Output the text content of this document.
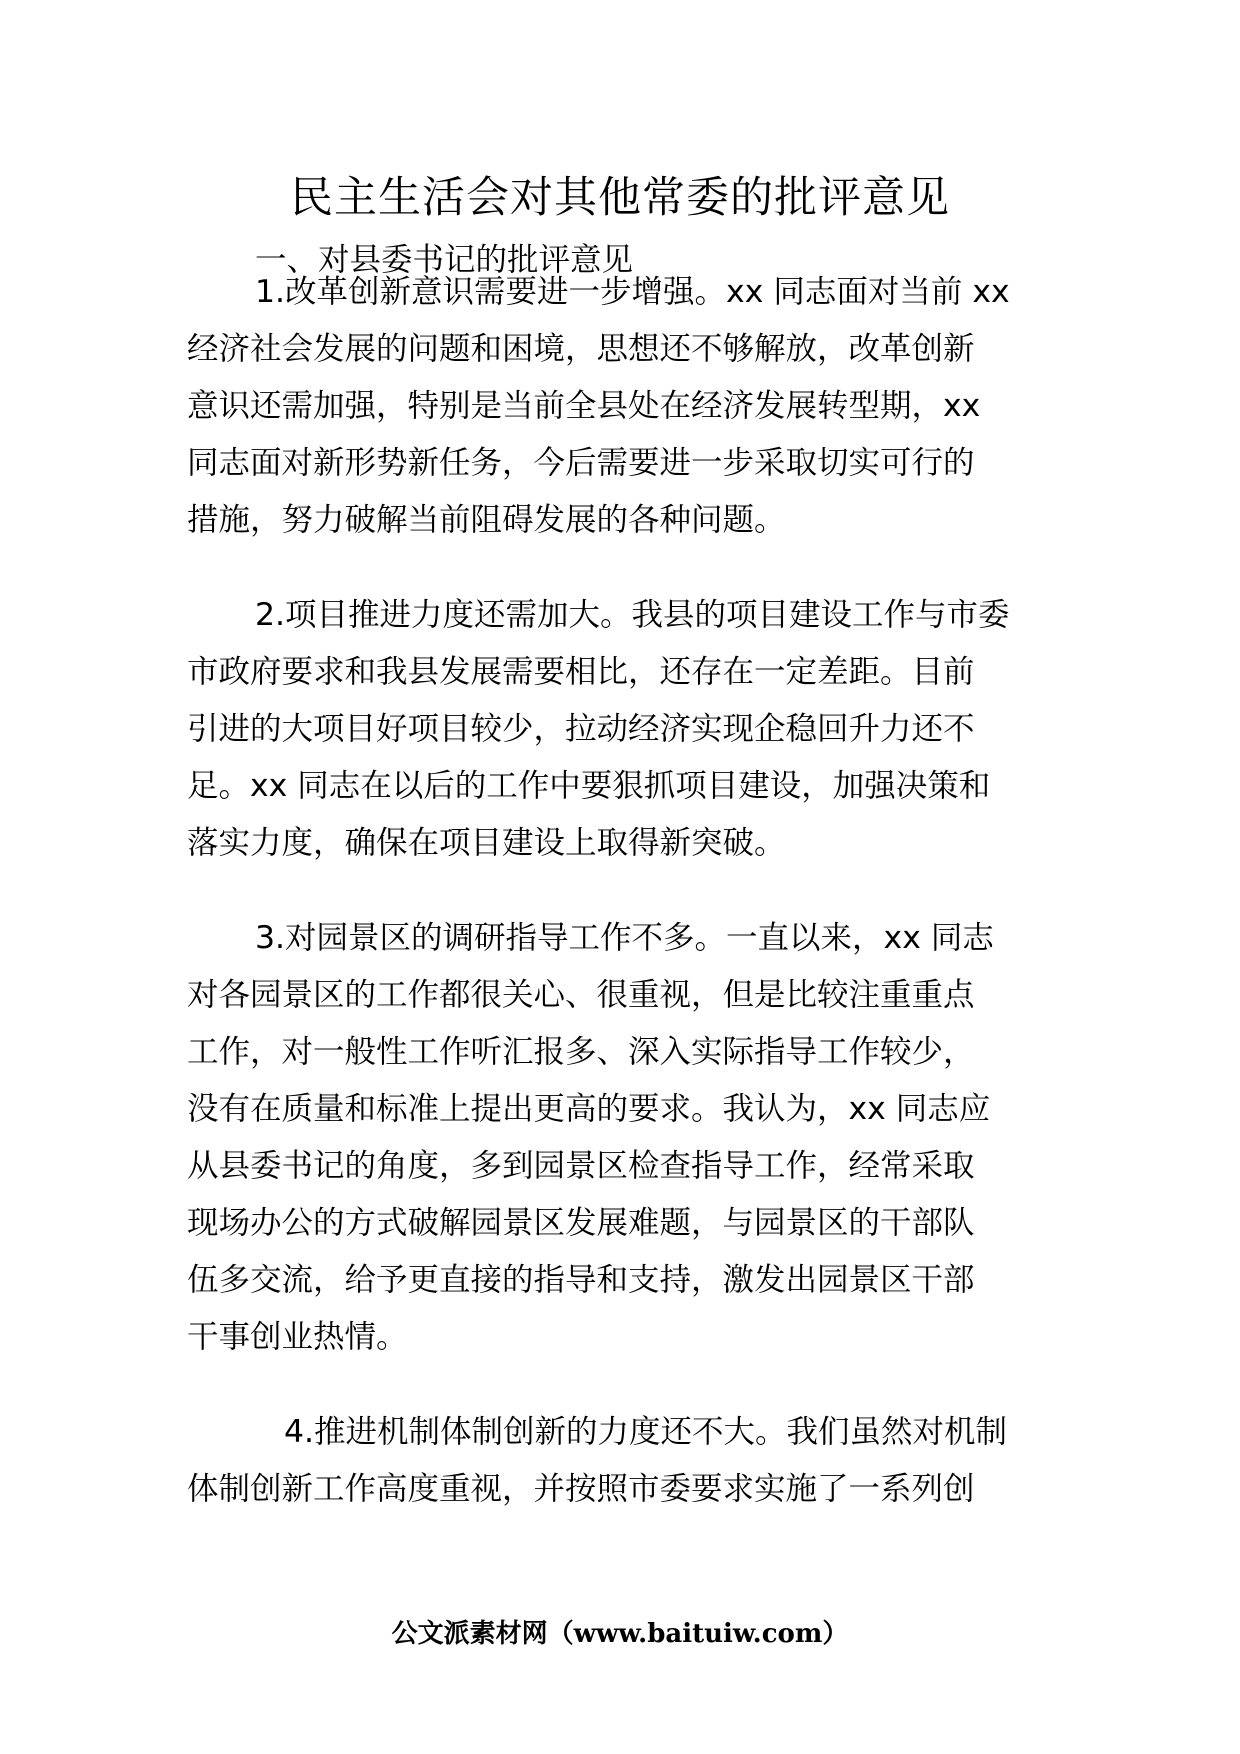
民主生活会对其他常委的批评意见
一、对县委书记的批评意见
1.改革创新意识需要进一步增强。xx 同志面对当前 xx
经济社会发展的问题和困境，思想还不够解放，改革创新
意识还需加强，特别是当前全县处在经济发展转型期，xx
同志面对新形势新任务，今后需要进一步采取切实可行的
措施，努力破解当前阻碍发展的各种问题。
2.项目推进力度还需加大。我县的项目建设工作与市委
市政府要求和我县发展需要相比，还存在一定差距。目前
引进的大项目好项目较少，拉动经济实现企稳回升力还不
足。xx 同志在以后的工作中要狠抓项目建设，加强决策和
落实力度，确保在项目建设上取得新突破。
3.对园景区的调研指导工作不多。一直以来，xx 同志
对各园景区的工作都很关心、很重视，但是比较注重重点
工作，对一般性工作听汇报多、深入实际指导工作较少，
没有在质量和标准上提出更高的要求。我认为，xx 同志应
从县委书记的角度，多到园景区检查指导工作，经常采取
现场办公的方式破解园景区发展难题，与园景区的干部队
伍多交流，给予更直接的指导和支持，激发出园景区干部
干事创业热情。
4.推进机制体制创新的力度还不大。我们虽然对机制
体制创新工作高度重视，并按照市委要求实施了一系列创
公文派素材网（www.baituiw.com）
